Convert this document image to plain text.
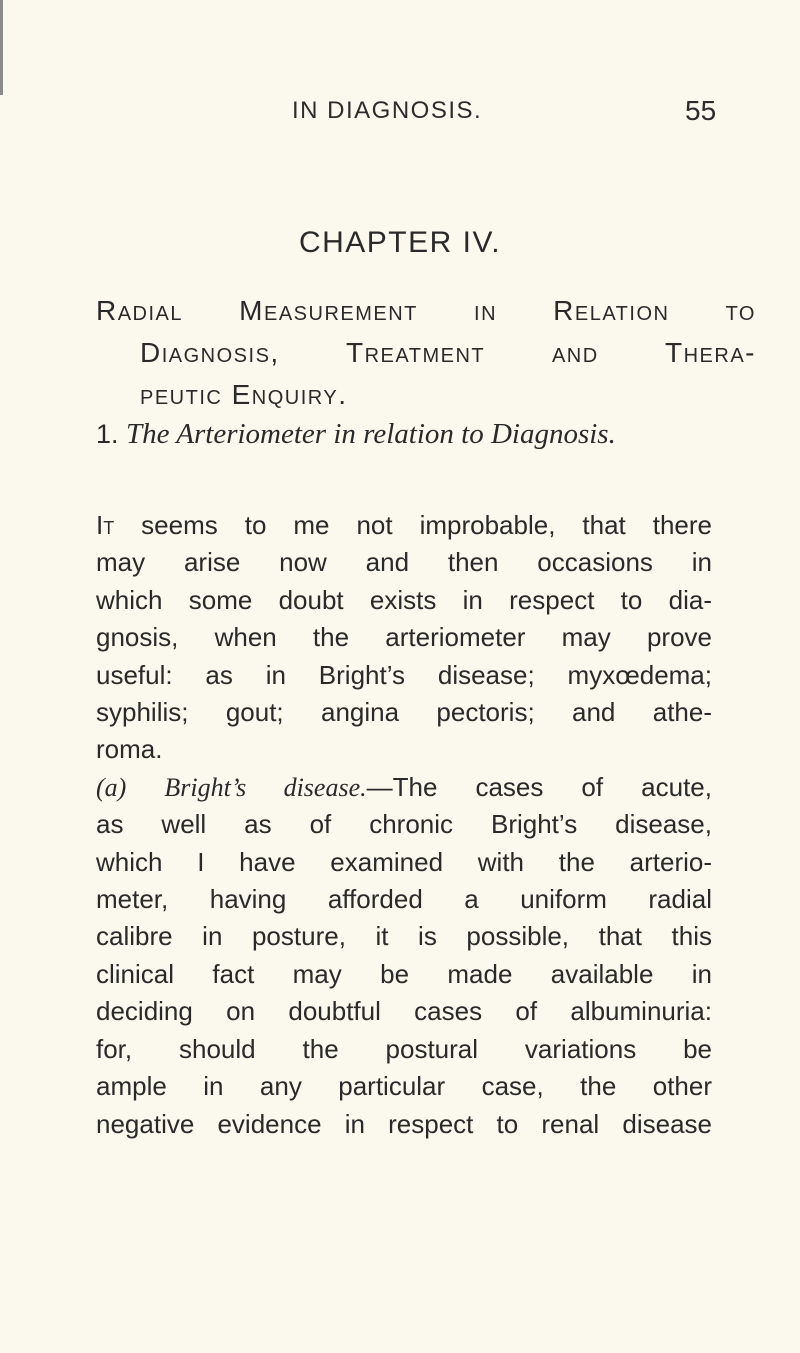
IN DIAGNOSIS.	55
CHAPTER IV.
Radial Measurement in Relation to
Diagnosis, Treatment and Thera-
peutic Enquiry.
1. The Arteriometer in relation to Diagnosis.
It seems to me not improbable, that there
may arise now and then occasions in
which some doubt exists in respect to dia-
gnosis, when the arteriometer may prove
useful: as in Bright’s disease; myxœdema;
syphilis; gout; angina pectoris; and athe-
roma.
(a) Bright’s disease.—The cases of acute,
as well as of chronic Bright’s disease,
which I have examined with the arterio-
meter, having afforded a uniform radial
calibre in posture, it is possible, that this
clinical fact may be made available in
deciding on doubtful cases of albuminuria:
for, should the postural variations be
ample in any particular case, the other
negative evidence in respect to renal disease
